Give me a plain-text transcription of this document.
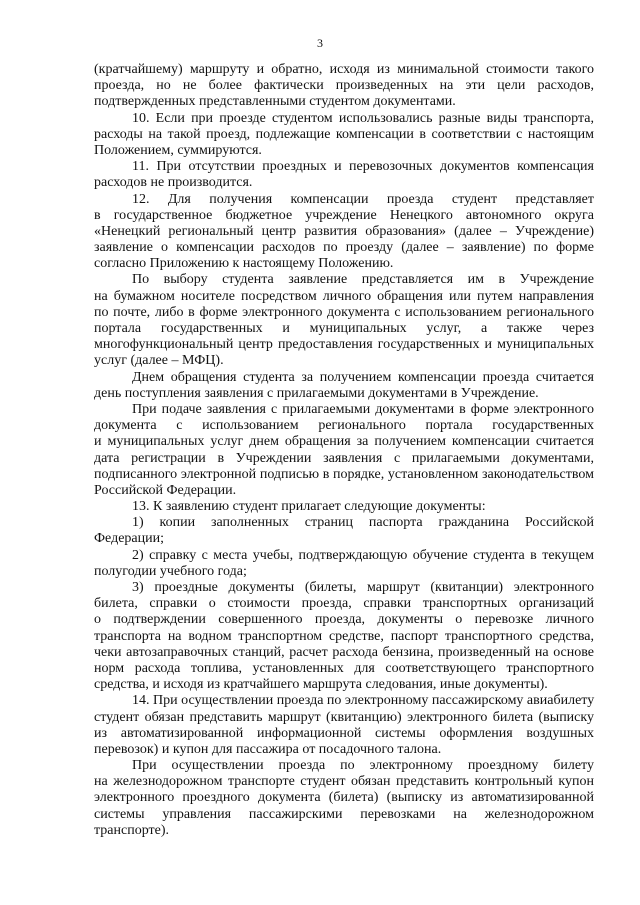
3
(кратчайшему) маршруту и обратно, исходя из минимальной стоимости такого
проезда, но не более фактически произведенных на эти цели расходов,
подтвержденных представленными студентом документами.
10. Если при проезде студентом использовались разные виды транспорта,
расходы на такой проезд, подлежащие компенсации в соответствии с настоящим
Положением, суммируются.
11. При отсутствии проездных и перевозочных документов компенсация
расходов не производится.
12. Для получения компенсации проезда студент представляет
в государственное бюджетное учреждение Ненецкого автономного округа
«Ненецкий региональный центр развития образования» (далее – Учреждение)
заявление о компенсации расходов по проезду (далее – заявление) по форме
согласно Приложению к настоящему Положению.
По выбору студента заявление представляется им в Учреждение
на бумажном носителе посредством личного обращения или путем направления
по почте, либо в форме электронного документа с использованием регионального
портала государственных и муниципальных услуг, а также через
многофункциональный центр предоставления государственных и муниципальных
услуг (далее – МФЦ).
Днем обращения студента за получением компенсации проезда считается
день поступления заявления с прилагаемыми документами в Учреждение.
При подаче заявления с прилагаемыми документами в форме электронного
документа с использованием регионального портала государственных
и муниципальных услуг днем обращения за получением компенсации считается
дата регистрации в Учреждении заявления с прилагаемыми документами,
подписанного электронной подписью в порядке, установленном законодательством
Российской Федерации.
13. К заявлению студент прилагает следующие документы:
1) копии заполненных страниц паспорта гражданина Российской
Федерации;
2) справку с места учебы, подтверждающую обучение студента в текущем
полугодии учебного года;
3) проездные документы (билеты, маршрут (квитанции) электронного
билета, справки о стоимости проезда, справки транспортных организаций
о подтверждении совершенного проезда, документы о перевозке личного
транспорта на водном транспортном средстве, паспорт транспортного средства,
чеки автозаправочных станций, расчет расхода бензина, произведенный на основе
норм расхода топлива, установленных для соответствующего транспортного
средства, и исходя из кратчайшего маршрута следования, иные документы).
14. При осуществлении проезда по электронному пассажирскому авиабилету
студент обязан представить маршрут (квитанцию) электронного билета (выписку
из автоматизированной информационной системы оформления воздушных
перевозок) и купон для пассажира от посадочного талона.
При осуществлении проезда по электронному проездному билету
на железнодорожном транспорте студент обязан представить контрольный купон
электронного проездного документа (билета) (выписку из автоматизированной
системы управления пассажирскими перевозками на железнодорожном
транспорте).
